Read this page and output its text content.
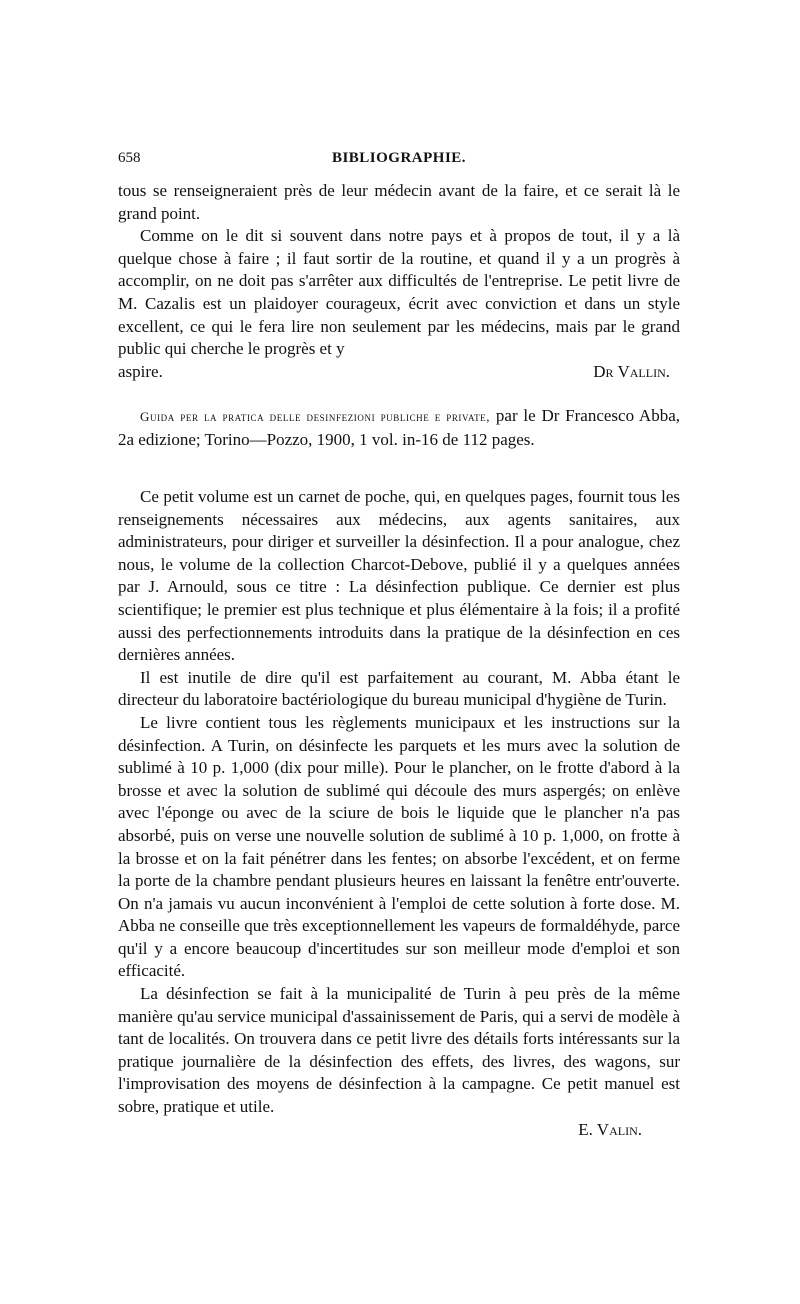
658	BIBLIOGRAPHIE.

tous se renseigneraient près de leur médecin avant de la faire, et ce serait là le grand point.

Comme on le dit si souvent dans notre pays et à propos de tout, il y a là quelque chose à faire ; il faut sortir de la routine, et quand il y a un progrès à accomplir, on ne doit pas s'arrêter aux difficultés de l'entreprise. Le petit livre de M. Cazalis est un plaidoyer courageux, écrit avec conviction et dans un style excellent, ce qui le fera lire non seulement par les médecins, mais par le grand public qui cherche le progrès et y

aspire.	Dr Vallin.

Guida per la pratica delle desinfezioni publiche e private, par le Dr Francesco Abba, 2a edizione; Torino—Pozzo, 1900, 1 vol. in-16 de 112 pages.

Ce petit volume est un carnet de poche, qui, en quelques pages, fournit tous les renseignements nécessaires aux médecins, aux agents sanitaires, aux administrateurs, pour diriger et surveiller la désinfection. Il a pour analogue, chez nous, le volume de la collection Charcot-Debove, publié il y a quelques années par J. Arnould, sous ce titre : La désinfection publique. Ce dernier est plus scientifique; le premier est plus technique et plus élémentaire à la fois; il a profité aussi des perfectionnements introduits dans la pratique de la désinfection en ces dernières années.

Il est inutile de dire qu'il est parfaitement au courant, M. Abba étant le directeur du laboratoire bactériologique du bureau municipal d'hygiène de Turin.

Le livre contient tous les règlements municipaux et les instructions sur la désinfection. A Turin, on désinfecte les parquets et les murs avec la solution de sublimé à 10 p. 1,000 (dix pour mille). Pour le plancher, on le frotte d'abord à la brosse et avec la solution de sublimé qui découle des murs aspergés; on enlève avec l'éponge ou avec de la sciure de bois le liquide que le plancher n'a pas absorbé, puis on verse une nouvelle solution de sublimé à 10 p. 1,000, on frotte à la brosse et on la fait pénétrer dans les fentes; on absorbe l'excédent, et on ferme la porte de la chambre pendant plusieurs heures en laissant la fenêtre entr'ouverte. On n'a jamais vu aucun inconvénient à l'emploi de cette solution à forte dose. M. Abba ne conseille que très exceptionnellement les vapeurs de formaldéhyde, parce qu'il y a encore beaucoup d'incertitudes sur son meilleur mode d'emploi et son efficacité.

La désinfection se fait à la municipalité de Turin à peu près de la même manière qu'au service municipal d'assainissement de Paris, qui a servi de modèle à tant de localités. On trouvera dans ce petit livre des détails forts intéressants sur la pratique journalière de la désinfection des effets, des livres, des wagons, sur l'improvisation des moyens de désinfection à la campagne. Ce petit manuel est sobre, pratique et utile.

E. Valin.
